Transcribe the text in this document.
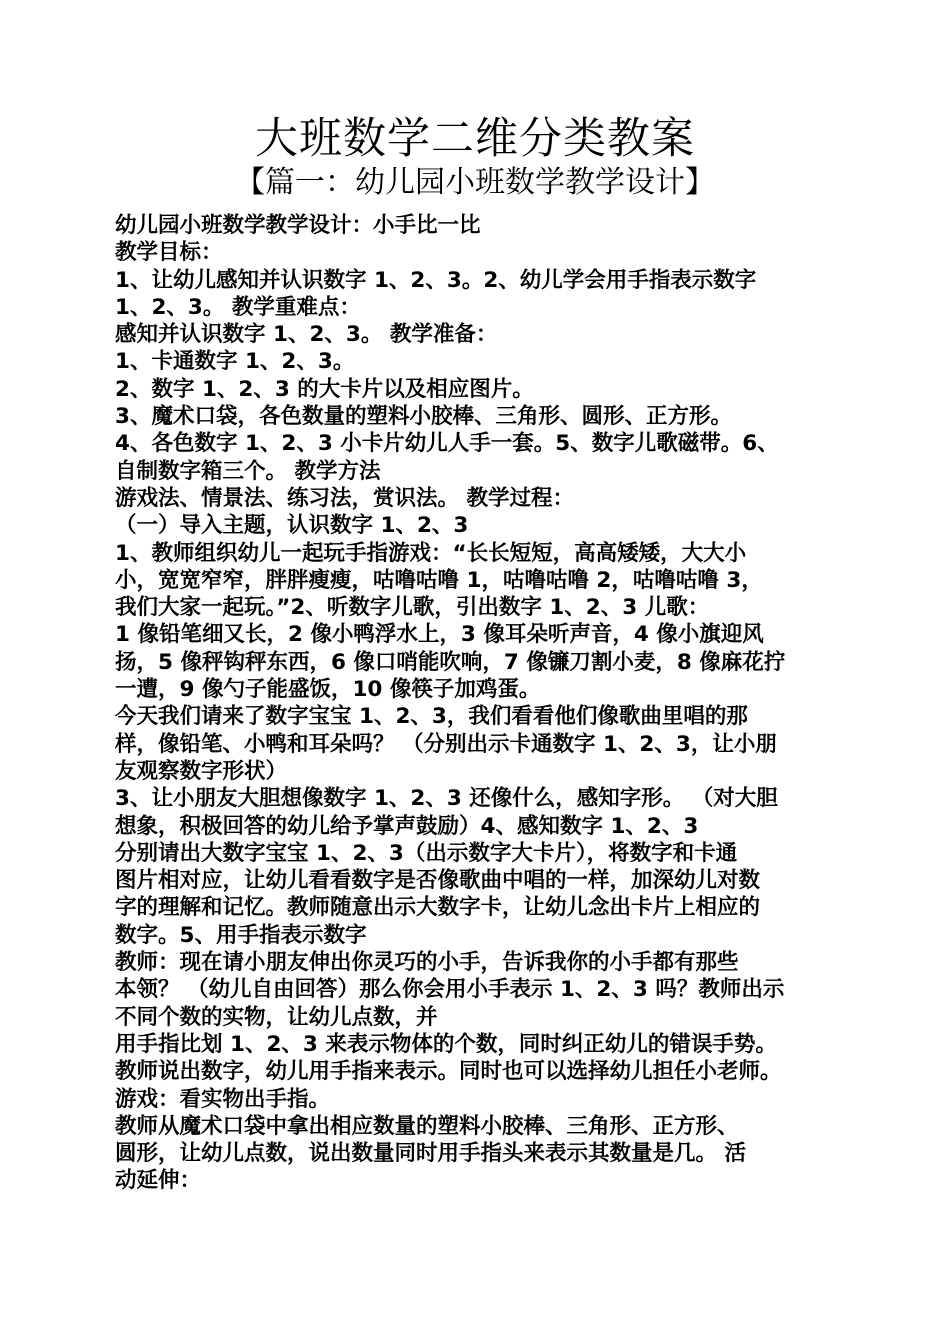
大班数学二维分类教案
【篇一：幼儿园小班数学教学设计】
幼儿园小班数学教学设计：小手比一比
教学目标：
1、让幼儿感知并认识数字 1、2、3。2、幼儿学会用手指表示数字
1、2、3。 教学重难点：
感知并认识数字 1、2、3。 教学准备：
1、卡通数字 1、2、3。
2、数字 1、2、3 的大卡片以及相应图片。
3、魔术口袋，各色数量的塑料小胶棒、三角形、圆形、正方形。
4、各色数字 1、2、3 小卡片幼儿人手一套。5、数字儿歌磁带。6、
自制数字箱三个。 教学方法
游戏法、情景法、练习法，赏识法。 教学过程：
（一）导入主题，认识数字 1、2、3
1、教师组织幼儿一起玩手指游戏：“长长短短，高高矮矮，大大小
小，宽宽窄窄，胖胖瘦瘦，咕噜咕噜 1，咕噜咕噜 2，咕噜咕噜 3，
我们大家一起玩。”2、听数字儿歌，引出数字 1、2、3 儿歌：
1 像铅笔细又长，2 像小鸭浮水上，3 像耳朵听声音，4 像小旗迎风
扬，5 像秤钩秤东西，6 像口哨能吹响，7 像镰刀割小麦，8 像麻花拧
一遭，9 像勺子能盛饭，10 像筷子加鸡蛋。
今天我们请来了数字宝宝 1、2、3，我们看看他们像歌曲里唱的那
样，像铅笔、小鸭和耳朵吗？ （分别出示卡通数字 1、2、3，让小朋
友观察数字形状）
3、让小朋友大胆想像数字 1、2、3 还像什么，感知字形。 （对大胆
想象，积极回答的幼儿给予掌声鼓励）4、感知数字 1、2、3
分别请出大数字宝宝 1、2、3（出示数字大卡片），将数字和卡通
图片相对应，让幼儿看看数字是否像歌曲中唱的一样，加深幼儿对数
字的理解和记忆。教师随意出示大数字卡，让幼儿念出卡片上相应的
数字。5、用手指表示数字
教师：现在请小朋友伸出你灵巧的小手，告诉我你的小手都有那些
本领？ （幼儿自由回答）那么你会用小手表示 1、2、3 吗？教师出示
不同个数的实物，让幼儿点数，并
用手指比划 1、2、3 来表示物体的个数，同时纠正幼儿的错误手势。
教师说出数字，幼儿用手指来表示。同时也可以选择幼儿担任小老师。
游戏：看实物出手指。
教师从魔术口袋中拿出相应数量的塑料小胶棒、三角形、正方形、
圆形，让幼儿点数，说出数量同时用手指头来表示其数量是几。 活
动延伸：
